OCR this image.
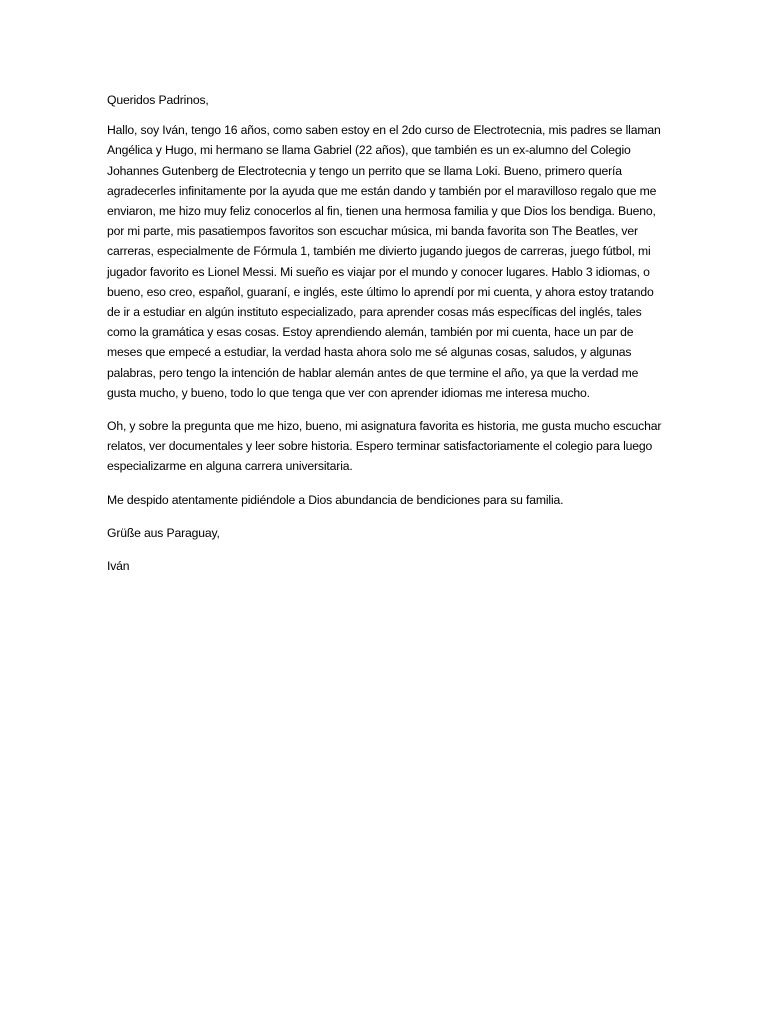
Queridos Padrinos,

Hallo, soy Iván, tengo 16 años, como saben estoy en el 2do curso de Electrotecnia, mis padres se llaman Angélica y Hugo, mi hermano se llama Gabriel (22 años), que también es un ex-alumno del Colegio Johannes Gutenberg de Electrotecnia y tengo un perrito que se llama Loki. Bueno, primero quería agradecerles infinitamente por la ayuda que me están dando y también por el maravilloso regalo que me enviaron, me hizo muy feliz conocerlos al fin, tienen una hermosa familia y que Dios los bendiga. Bueno, por mi parte, mis pasatiempos favoritos son escuchar música, mi banda favorita son The Beatles, ver carreras, especialmente de Fórmula 1, también me divierto jugando juegos de carreras, juego fútbol, mi jugador favorito es Lionel Messi. Mi sueño es viajar por el mundo y conocer lugares. Hablo 3 idiomas, o bueno, eso creo, español, guaraní, e inglés, este último lo aprendí por mi cuenta, y ahora estoy tratando de ir a estudiar en algún instituto especializado, para aprender cosas más específicas del inglés, tales como la gramática y esas cosas. Estoy aprendiendo alemán, también por mi cuenta, hace un par de meses que empecé a estudiar, la verdad hasta ahora solo me sé algunas cosas, saludos, y algunas palabras, pero tengo la intención de hablar alemán antes de que termine el año, ya que la verdad me gusta mucho, y bueno, todo lo que tenga que ver con aprender idiomas me interesa mucho.

Oh, y sobre la pregunta que me hizo, bueno, mi asignatura favorita es historia, me gusta mucho escuchar relatos, ver documentales y leer sobre historia. Espero terminar satisfactoriamente el colegio para luego especializarme en alguna carrera universitaria.

Me despido atentamente pidiéndole a Dios abundancia de bendiciones para su familia.

Grüße aus Paraguay,

Iván
